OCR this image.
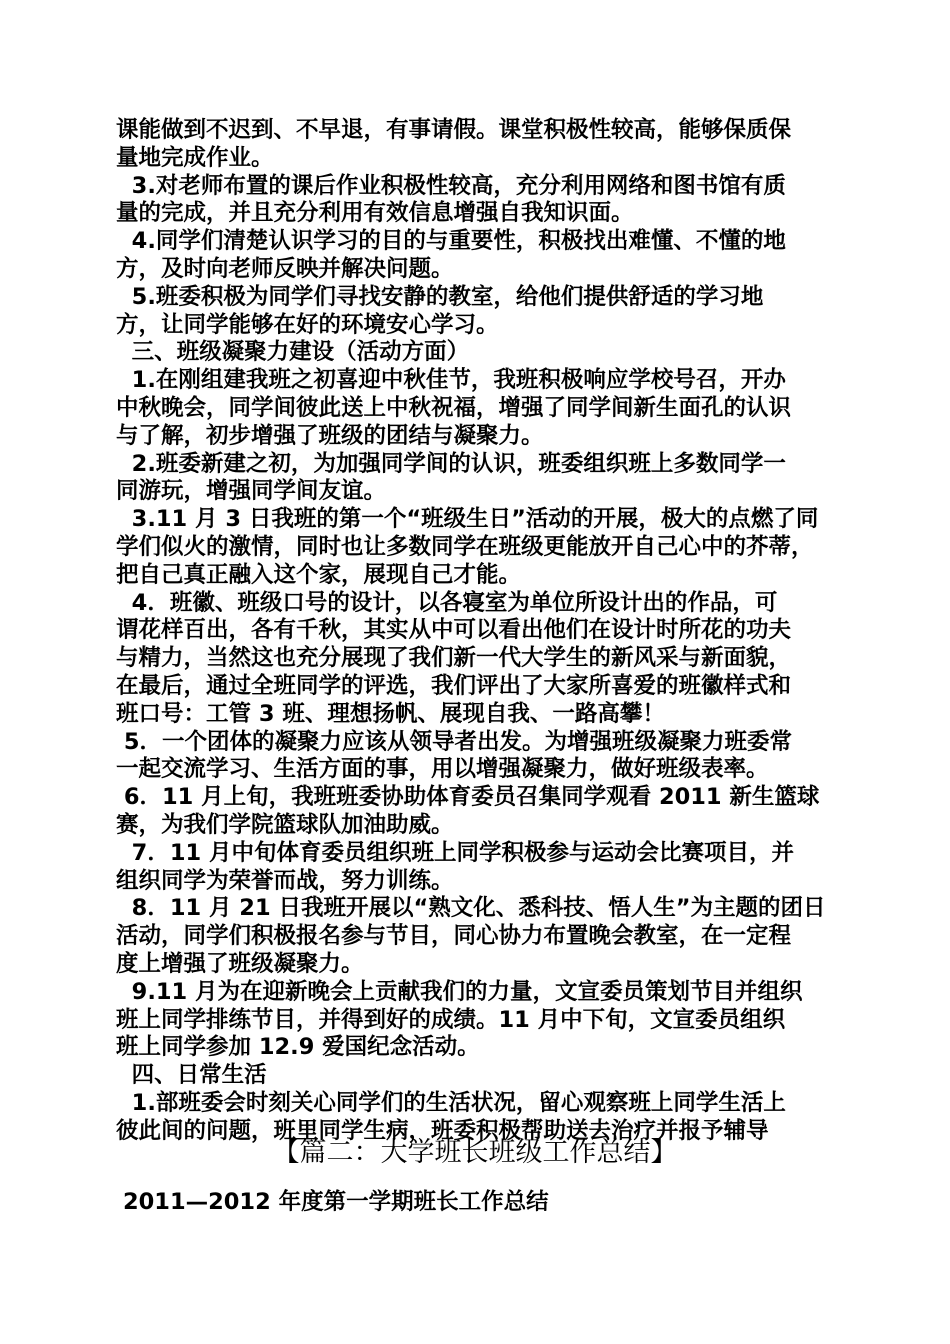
课能做到不迟到、不早退，有事请假。课堂积极性较高，能够保质保

量地完成作业。

3.对老师布置的课后作业积极性较高，充分利用网络和图书馆有质

量的完成，并且充分利用有效信息增强自我知识面。

4.同学们清楚认识学习的目的与重要性，积极找出难懂、不懂的地

方，及时向老师反映并解决问题。

5.班委积极为同学们寻找安静的教室，给他们提供舒适的学习地

方，让同学能够在好的环境安心学习。

三、班级凝聚力建设（活动方面）

1.在刚组建我班之初喜迎中秋佳节，我班积极响应学校号召，开办

中秋晚会，同学间彼此送上中秋祝福，增强了同学间新生面孔的认识

与了解，初步增强了班级的团结与凝聚力。

2.班委新建之初，为加强同学间的认识，班委组织班上多数同学一

同游玩，增强同学间友谊。

3.11 月 3 日我班的第一个“班级生日”活动的开展，极大的点燃了同

学们似火的激情，同时也让多数同学在班级更能放开自己心中的芥蒂，

把自己真正融入这个家，展现自己才能。

4．班徽、班级口号的设计，以各寝室为单位所设计出的作品，可

谓花样百出，各有千秋，其实从中可以看出他们在设计时所花的功夫

与精力，当然这也充分展现了我们新一代大学生的新风采与新面貌，

在最后，通过全班同学的评选，我们评出了大家所喜爱的班徽样式和

班口号：工管 3 班、理想扬帆、展现自我、一路高攀！

5．一个团体的凝聚力应该从领导者出发。为增强班级凝聚力班委常

一起交流学习、生活方面的事，用以增强凝聚力，做好班级表率。

6．11 月上旬，我班班委协助体育委员召集同学观看 2011 新生篮球

赛，为我们学院篮球队加油助威。

7．11 月中旬体育委员组织班上同学积极参与运动会比赛项目，并

组织同学为荣誉而战，努力训练。

8．11 月 21 日我班开展以“熟文化、悉科技、悟人生”为主题的团日

活动，同学们积极报名参与节目，同心协力布置晚会教室，在一定程

度上增强了班级凝聚力。

9.11 月为在迎新晚会上贡献我们的力量，文宣委员策划节目并组织

班上同学排练节目，并得到好的成绩。11 月中下旬，文宣委员组织

班上同学参加 12.9 爱国纪念活动。

四、日常生活

1.部班委会时刻关心同学们的生活状况，留心观察班上同学生活上

彼此间的问题，班里同学生病，班委积极帮助送去治疗并报予辅导

【篇二：大学班长班级工作总结】
2011—2012 年度第一学期班长工作总结
